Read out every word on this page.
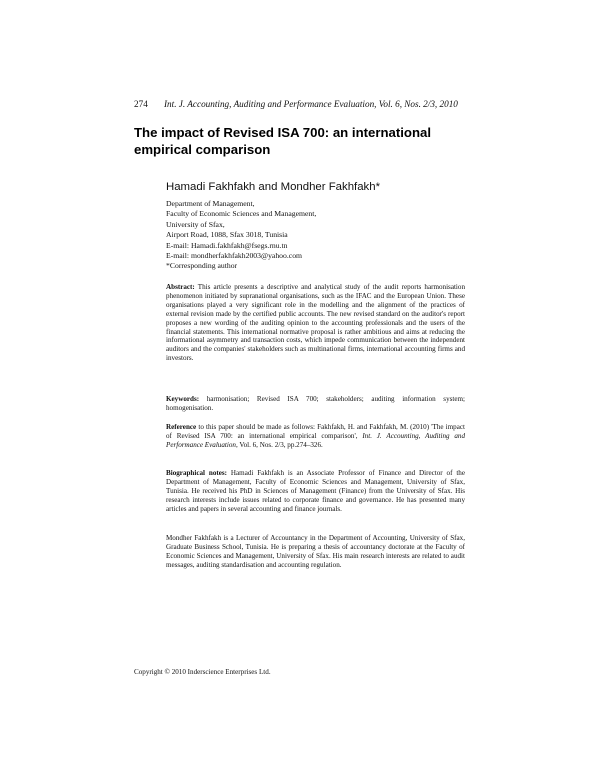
274 Int. J. Accounting, Auditing and Performance Evaluation, Vol. 6, Nos. 2/3, 2010
The impact of Revised ISA 700: an international empirical comparison
Hamadi Fakhfakh and Mondher Fakhfakh*
Department of Management,
Faculty of Economic Sciences and Management,
University of Sfax,
Airport Road, 1088, Sfax 3018, Tunisia
E-mail: Hamadi.fakhfakh@fsegs.rnu.tn
E-mail: mondherfakhfakh2003@yahoo.com
*Corresponding author
Abstract: This article presents a descriptive and analytical study of the audit reports harmonisation phenomenon initiated by supranational organisations, such as the IFAC and the European Union. These organisations played a very significant role in the modelling and the alignment of the practices of external revision made by the certified public accounts. The new revised standard on the auditor's report proposes a new wording of the auditing opinion to the accounting professionals and the users of the financial statements. This international normative proposal is rather ambitious and aims at reducing the informational asymmetry and transaction costs, which impede communication between the independent auditors and the companies' stakeholders such as multinational firms, international accounting firms and investors.
Keywords: harmonisation; Revised ISA 700; stakeholders; auditing information system; homogenisation.
Reference to this paper should be made as follows: Fakhfakh, H. and Fakhfakh, M. (2010) 'The impact of Revised ISA 700: an international empirical comparison', Int. J. Accounting, Auditing and Performance Evaluation, Vol. 6, Nos. 2/3, pp.274–326.
Biographical notes: Hamadi Fakhfakh is an Associate Professor of Finance and Director of the Department of Management, Faculty of Economic Sciences and Management, University of Sfax, Tunisia. He received his PhD in Sciences of Management (Finance) from the University of Sfax. His research interests include issues related to corporate finance and governance. He has presented many articles and papers in several accounting and finance journals.
Mondher Fakhfakh is a Lecturer of Accountancy in the Department of Accounting, University of Sfax, Graduate Business School, Tunisia. He is preparing a thesis of accountancy doctorate at the Faculty of Economic Sciences and Management, University of Sfax. His main research interests are related to audit messages, auditing standardisation and accounting regulation.
Copyright © 2010 Inderscience Enterprises Ltd.
